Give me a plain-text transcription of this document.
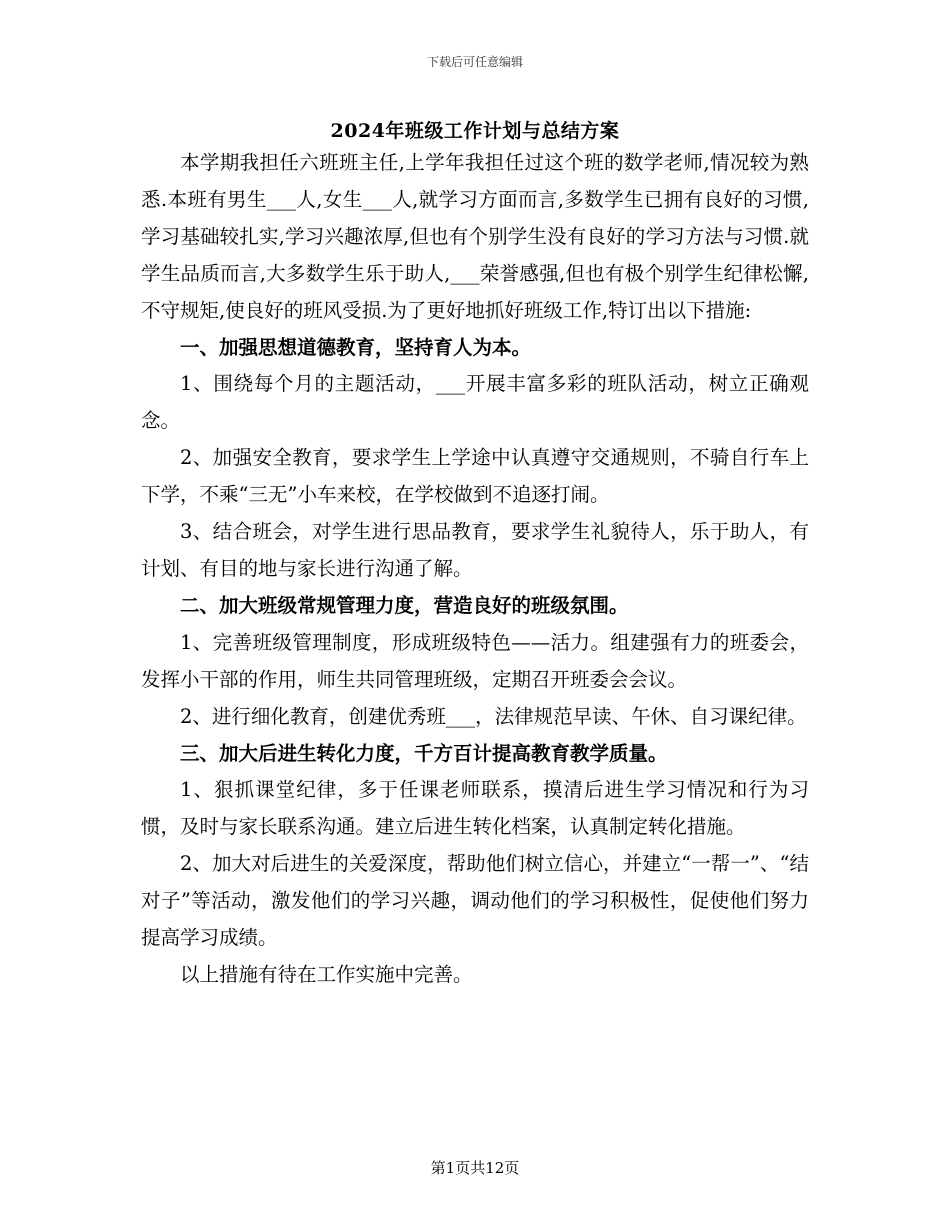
下载后可任意编辑
2024年班级工作计划与总结方案

本学期我担任六班班主任,上学年我担任过这个班的数学老师,情况较为熟悉.本班有男生___人,女生___人,就学习方面而言,多数学生已拥有良好的习惯,学习基础较扎实,学习兴趣浓厚,但也有个别学生没有良好的学习方法与习惯.就学生品质而言,大多数学生乐于助人,___荣誉感强,但也有极个别学生纪律松懈,不守规矩,使良好的班风受损.为了更好地抓好班级工作,特订出以下措施:

一、加强思想道德教育，坚持育人为本。

1、围绕每个月的主题活动，___开展丰富多彩的班队活动，树立正确观念。

2、加强安全教育，要求学生上学途中认真遵守交通规则，不骑自行车上下学，不乘“三无”小车来校，在学校做到不追逐打闹。

3、结合班会，对学生进行思品教育，要求学生礼貌待人，乐于助人，有计划、有目的地与家长进行沟通了解。

二、加大班级常规管理力度，营造良好的班级氛围。

1、完善班级管理制度，形成班级特色——活力。组建强有力的班委会，发挥小干部的作用，师生共同管理班级，定期召开班委会会议。

2、进行细化教育，创建优秀班___，法律规范早读、午休、自习课纪律。

三、加大后进生转化力度，千方百计提高教育教学质量。

1、狠抓课堂纪律，多于任课老师联系，摸清后进生学习情况和行为习惯，及时与家长联系沟通。建立后进生转化档案，认真制定转化措施。

2、加大对后进生的关爱深度，帮助他们树立信心，并建立“一帮一”、“结对子”等活动，激发他们的学习兴趣，调动他们的学习积极性，促使他们努力提高学习成绩。

以上措施有待在工作实施中完善。

第1页共12页
